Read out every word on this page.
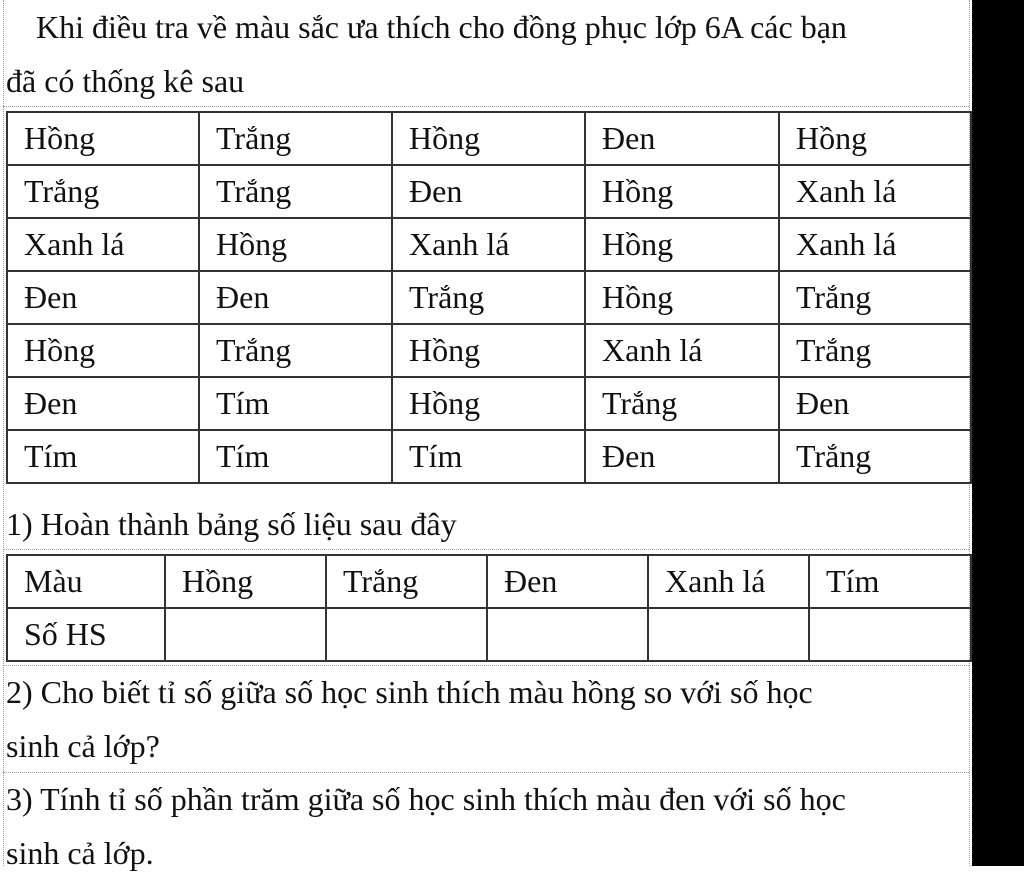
Khi điều tra về màu sắc ưa thích cho đồng phục lớp 6A các bạn
đã có thống kê sau
Hồng	Trắng	Hồng	Đen	Hồng
Trắng	Trắng	Đen	Hồng	Xanh lá
Xanh lá	Hồng	Xanh lá	Hồng	Xanh lá
Đen	Đen	Trắng	Hồng	Trắng
Hồng	Trắng	Hồng	Xanh lá	Trắng
Đen	Tím	Hồng	Trắng	Đen
Tím	Tím	Tím	Đen	Trắng
1) Hoàn thành bảng số liệu sau đây
Màu	Hồng	Trắng	Đen	Xanh lá	Tím
Số HS					
2) Cho biết tỉ số giữa số học sinh thích màu hồng so với số học
sinh cả lớp?
3) Tính tỉ số phần trăm giữa số học sinh thích màu đen với số học
sinh cả lớp.
